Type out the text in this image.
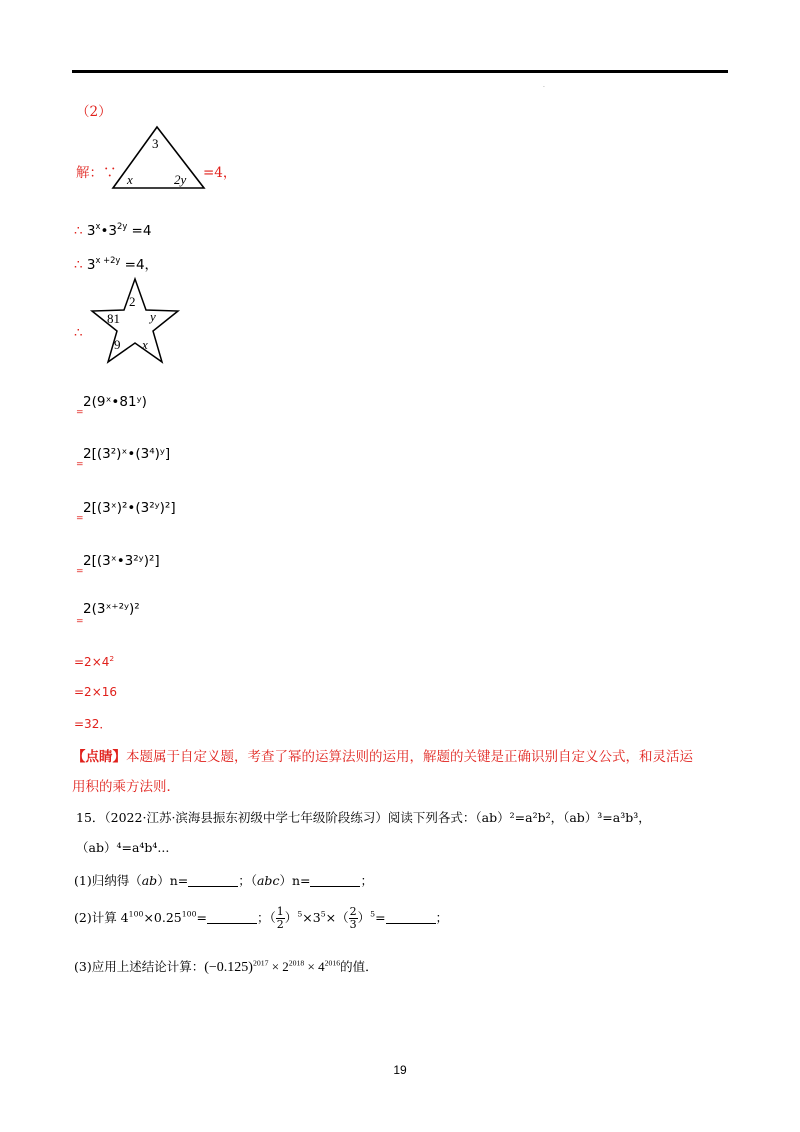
·
（2）
解：∵
3
x	2y =4，
∴ $3^x•3^{2y} =4$
∴ $3^{x +2y} =4$，
∴
2
81 y
9 x
=
2(9ˣ•81ʸ)
=
2[(3²)ˣ•(3⁴)ʸ]
=
2[(3ˣ)²•(3²ʸ)²]
=
2[(3ˣ•3²ʸ)²]
=
2(3ˣ⁺²ʸ)²
$=2\times 4^2$
=2×16
=32．
【点睛】本题属于自定义题，考查了幂的运算法则的运用，解题的关键是正确识别自定义公式，和灵活运
用积的乘方法则．
15．（2022·江苏·滨海县振东初级中学七年级阶段练习）阅读下列各式：（ab）²=a²b²，（ab）³=a³b³，
（ab）⁴=a⁴b⁴...
(1)归纳得（ab）n=	；（abc）n=	；
(2)计算 $4^{100}\times 0.25^{100}=$	；（ $\frac{1}{2} )^5\times 3^5\times( \frac{2}{3} )^5=$	；
(3)应用上述结论计算：$(-0.125)^{2017} \times 2^{2018} \times 4^{2016}$的值．
19
